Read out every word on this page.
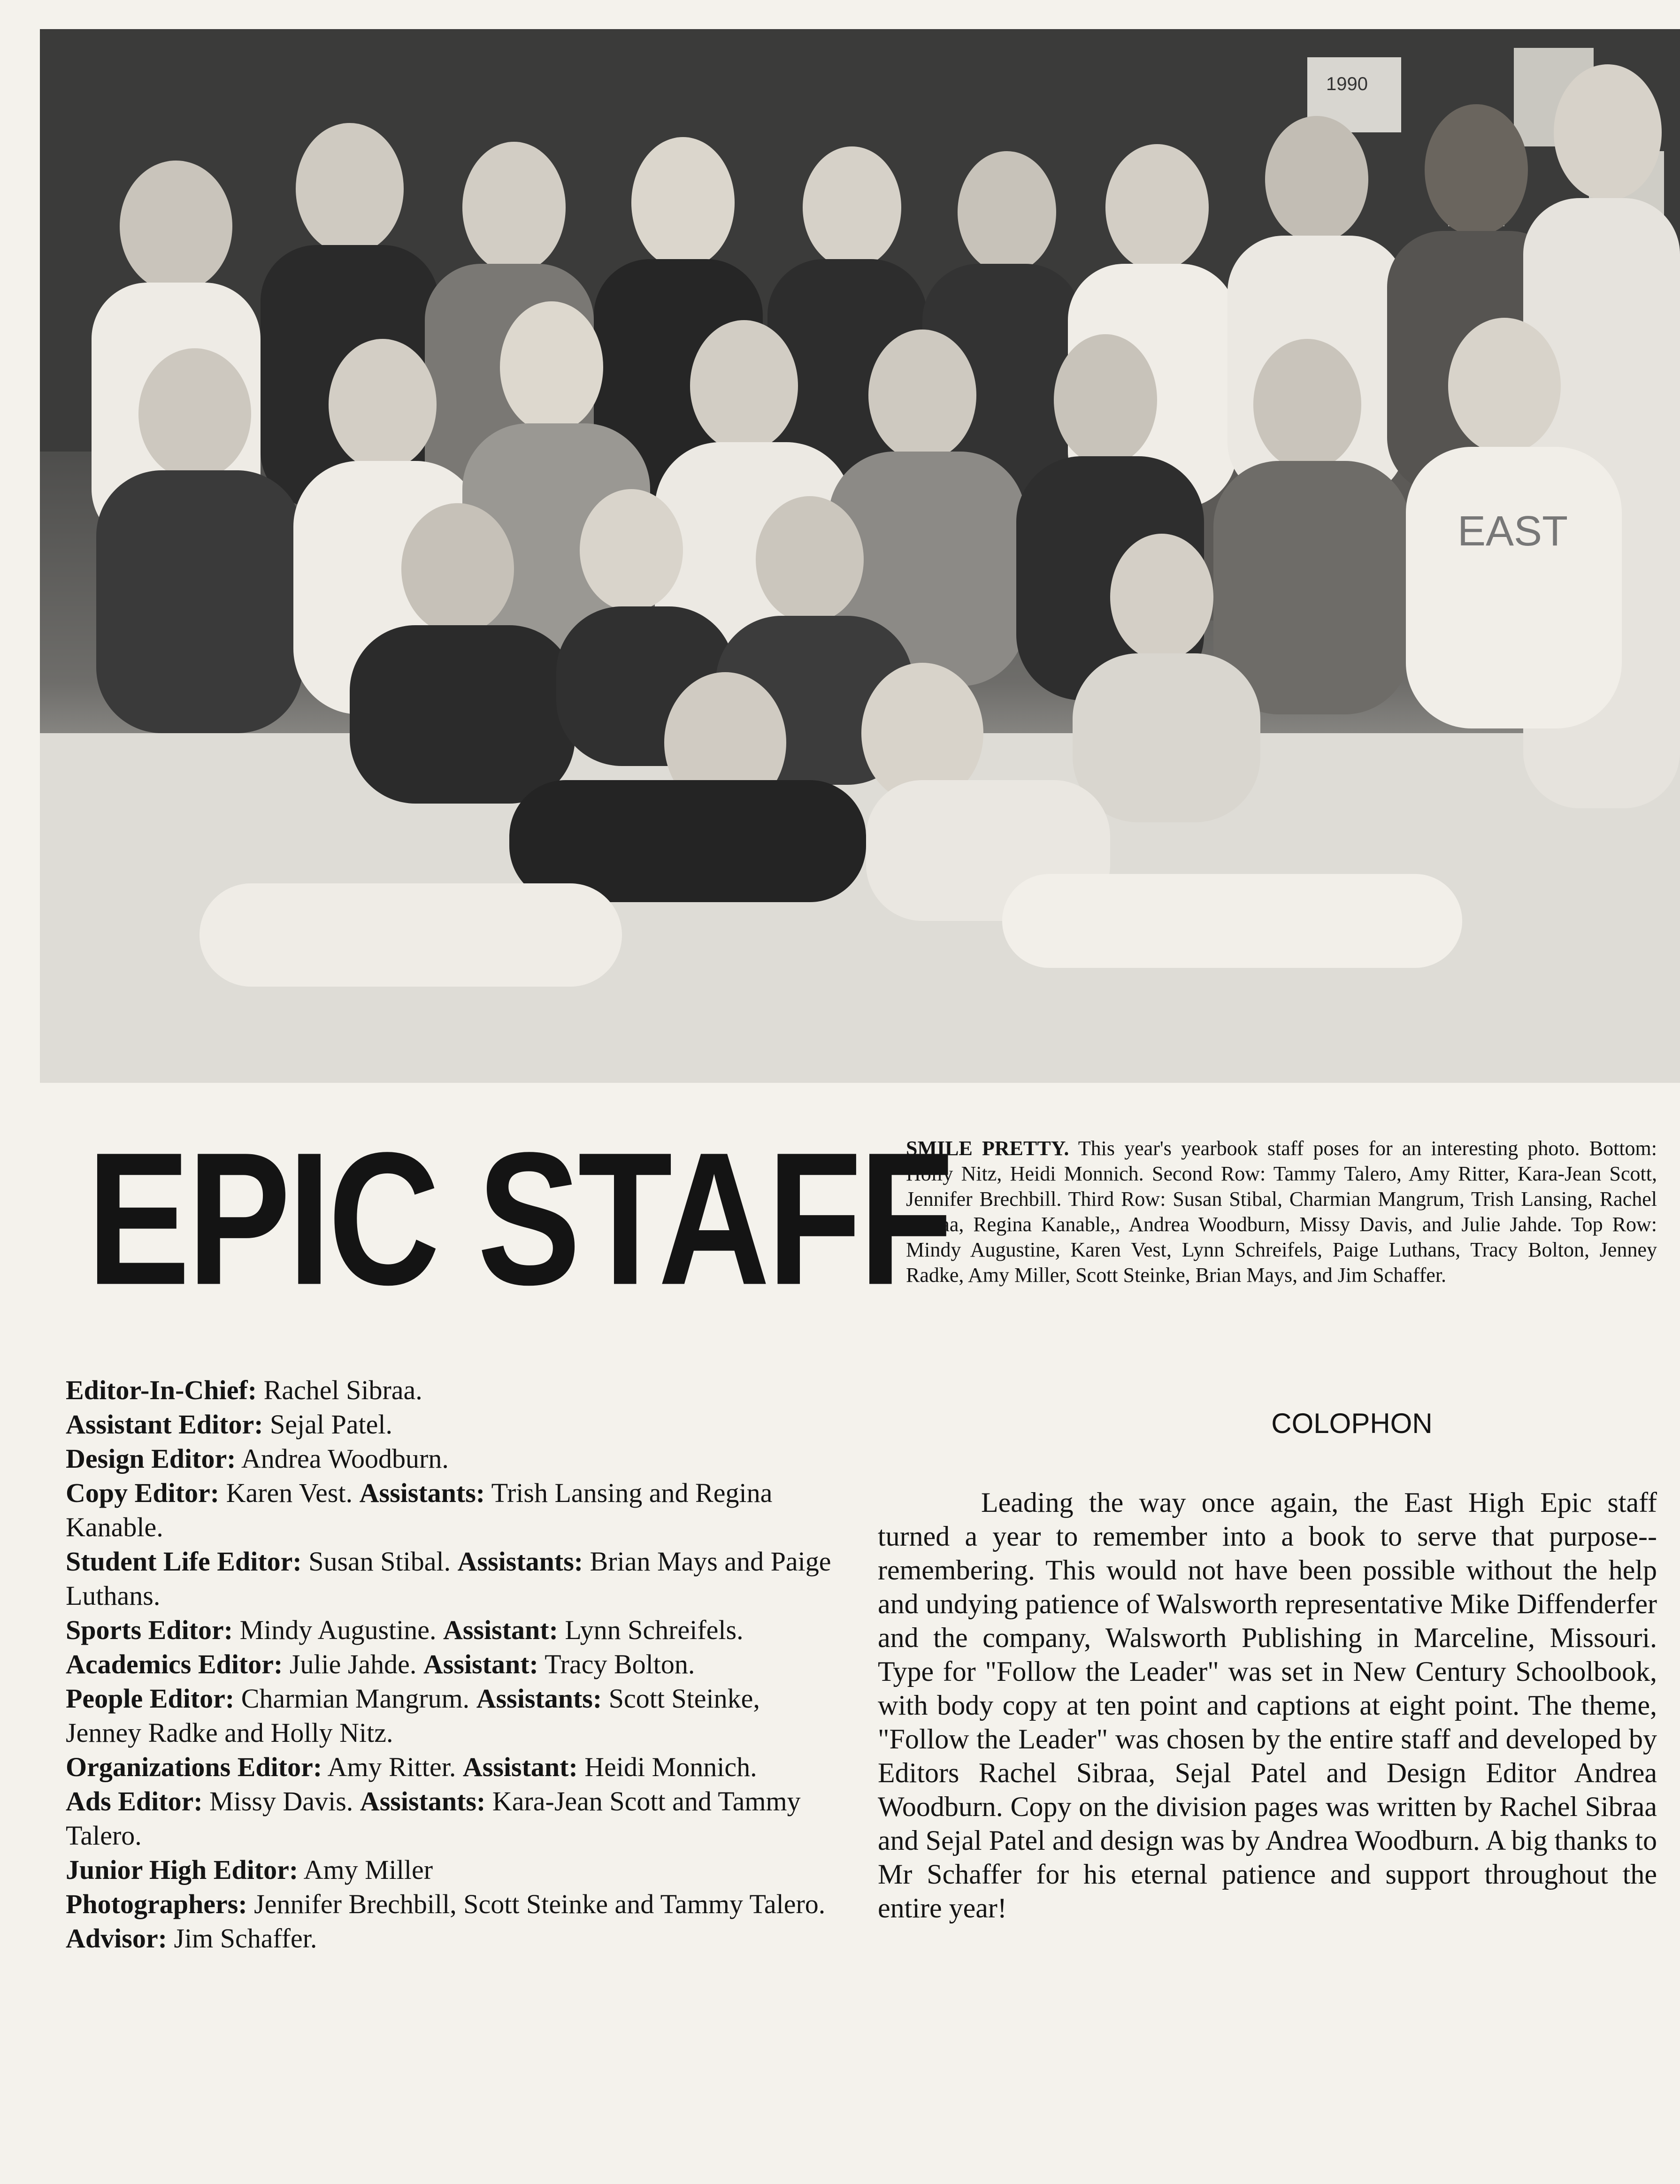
1990
EAST
EPIC STAFF
SMILE PRETTY. This year's yearbook staff poses for an interesting photo. Bottom: Holly Nitz, Heidi Monnich. Second Row: Tammy Talero, Amy Ritter, Kara-Jean Scott, Jennifer Brechbill. Third Row: Susan Stibal, Charmian Mangrum, Trish Lansing, Rachel Sibraa, Regina Kanable,, Andrea Woodburn, Missy Davis, and Julie Jahde. Top Row: Mindy Augustine, Karen Vest, Lynn Schreifels, Paige Luthans, Tracy Bolton, Jenney Radke, Amy Miller, Scott Steinke, Brian Mays, and Jim Schaffer.

Editor-In-Chief: Rachel Sibraa.

Assistant Editor: Sejal Patel.

Design Editor: Andrea Woodburn.

Copy Editor: Karen Vest. Assistants: Trish Lansing and Regina Kanable.

Student Life Editor: Susan Stibal. Assistants: Brian Mays and Paige Luthans.

Sports Editor: Mindy Augustine. Assistant: Lynn Schreifels.

Academics Editor: Julie Jahde. Assistant: Tracy Bolton.

People Editor: Charmian Mangrum. Assistants: Scott Steinke, Jenney Radke and Holly Nitz.

Organizations Editor: Amy Ritter. Assistant: Heidi Monnich.

Ads Editor: Missy Davis. Assistants: Kara-Jean Scott and Tammy Talero.

Junior High Editor: Amy Miller

Photographers: Jennifer Brechbill, Scott Steinke and Tammy Talero.

Advisor: Jim Schaffer.

COLOPHON
Leading the way once again, the East High Epic staff turned a year to remember into a book to serve that purpose--remembering. This would not have been possible without the help and undying patience of Walsworth representative Mike Diffenderfer and the company, Walsworth Publishing in Marceline, Missouri. Type for "Follow the Leader" was set in New Century Schoolbook, with body copy at ten point and captions at eight point. The theme, "Follow the Leader" was chosen by the entire staff and developed by Editors Rachel Sibraa, Sejal Patel and Design Editor Andrea Woodburn. Copy on the division pages was written by Rachel Sibraa and Sejal Patel and design was by Andrea Woodburn. A big thanks to Mr Schaffer for his eternal patience and support throughout the entire year!
